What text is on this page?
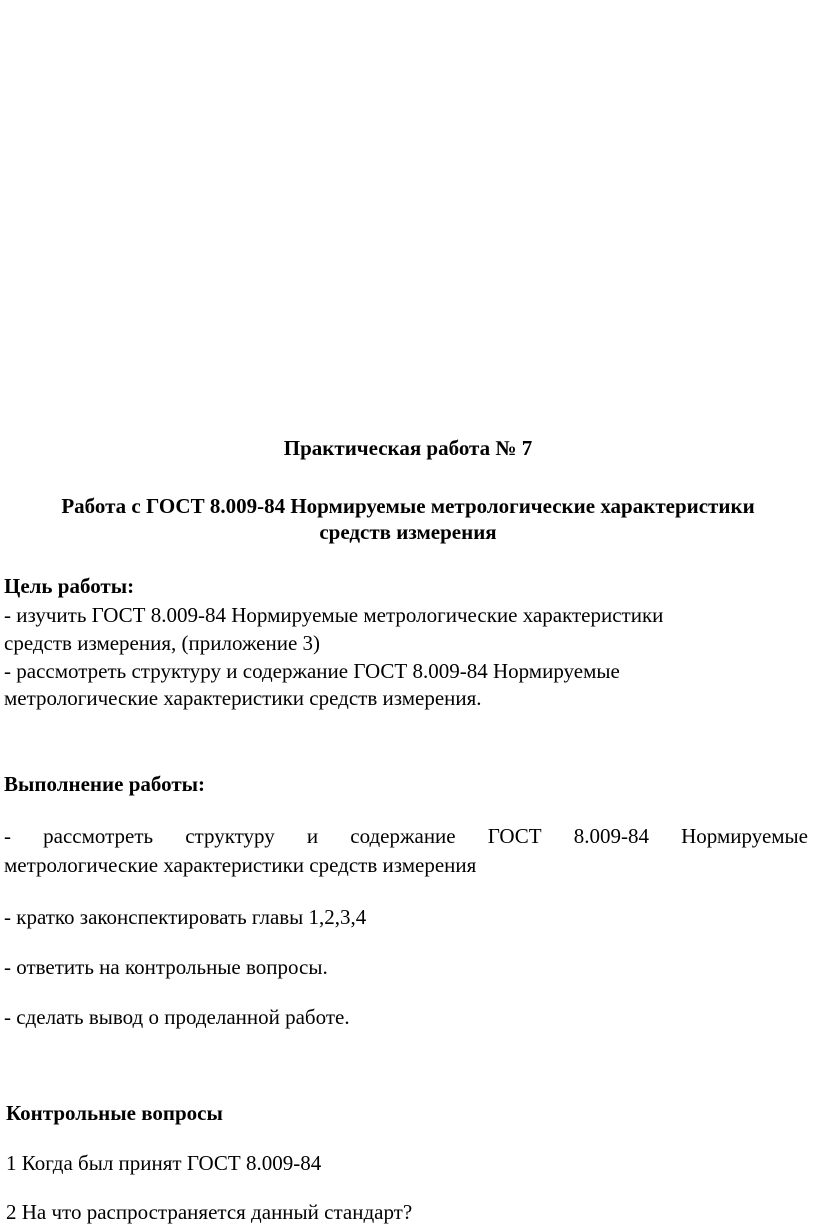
Практическая работа № 7
Работа с ГОСТ 8.009-84 Нормируемые метрологические характеристики
средств измерения
Цель работы:
- изучить ГОСТ 8.009-84 Нормируемые метрологические характеристики
средств измерения, (приложение 3)
- рассмотреть структуру и содержание ГОСТ 8.009-84 Нормируемые
метрологические характеристики средств измерения.
Выполнение работы:
- рассмотреть структуру и содержание ГОСТ 8.009-84 Нормируемые
метрологические характеристики средств измерения
- кратко законспектировать главы 1,2,3,4
- ответить на контрольные вопросы.
- сделать вывод о проделанной работе.
Контрольные вопросы
1 Когда был принят ГОСТ 8.009-84
2 На что распространяется данный стандарт?
